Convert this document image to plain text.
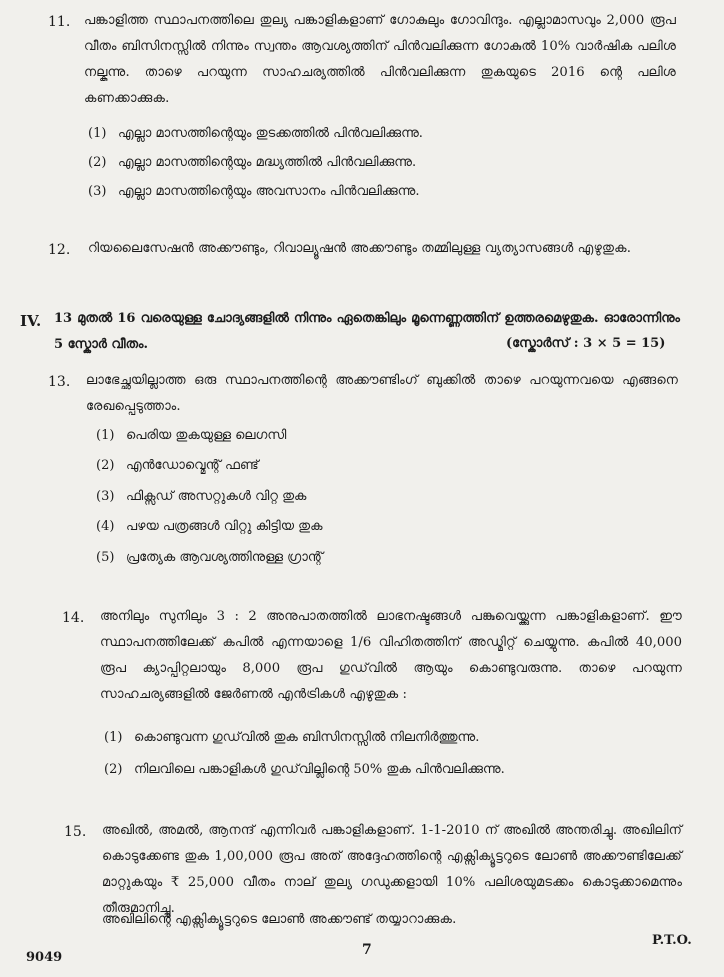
11. പങ്കാളിത്ത സ്ഥാപനത്തിലെ തുല്യ പങ്കാളികളാണ് ഗോകുലും ഗോവിന്ദും. എല്ലാമാസവും 2,000 രൂപ വീതം ബിസിനസ്സിൽ നിന്നും സ്വന്തം ആവശ്യത്തിന് പിൻവലിക്കുന്ന ഗോകുൽ 10% വാർഷിക പലിശ നല്കുന്നു. താഴെ പറയുന്ന സാഹചര്യത്തിൽ പിൻവലിക്കുന്ന തുകയുടെ 2016 ന്റെ പലിശ കണക്കാക്കുക.
(1) എല്ലാ മാസത്തിന്റെയും തുടക്കത്തിൽ പിൻവലിക്കുന്നു.
(2) എല്ലാ മാസത്തിന്റെയും മദ്ധ്യത്തിൽ പിൻവലിക്കുന്നു.
(3) എല്ലാ മാസത്തിന്റെയും അവസാനം പിൻവലിക്കുന്നു.
12. റിയലൈസേഷൻ അക്കൗണ്ടും, റിവാല്യൂഷൻ അക്കൗണ്ടും തമ്മിലുള്ള വ്യത്യാസങ്ങൾ എഴുതുക.
IV. 13 മുതൽ 16 വരെയുള്ള ചോദ്യങ്ങളിൽ നിന്നും ഏതെങ്കിലും മൂന്നെണ്ണത്തിന് ഉത്തരമെഴുതുക. ഓരോന്നിനും 5 സ്കോർ വീതം.	(സ്കോർസ് : 3 × 5 = 15)
13. ലാഭേച്ഛയില്ലാത്ത ഒരു സ്ഥാപനത്തിന്റെ അക്കൗണ്ടിംഗ് ബുക്കിൽ താഴെ പറയുന്നവയെ എങ്ങനെ രേഖപ്പെടുത്താം.
(1) പെരിയ തുകയുള്ള ലെഗസി
(2) എൻഡോവ്മെന്റ് ഫണ്ട്
(3) ഫിക്സഡ് അസറ്റുകൾ വിറ്റ തുക
(4) പഴയ പത്രങ്ങൾ വിറ്റു കിട്ടിയ തുക
(5) പ്രത്യേക ആവശ്യത്തിനുള്ള ഗ്രാന്റ്
14. അനിലും സുനിലും 3 : 2 അനുപാതത്തിൽ ലാഭനഷ്ടങ്ങൾ പങ്കുവെയ്ക്കുന്ന പങ്കാളികളാണ്. ഈ സ്ഥാപനത്തിലേക്ക് കപിൽ എന്നയാളെ 1/6 വിഹിതത്തിന് അഡ്മിറ്റ് ചെയ്യുന്നു. കപിൽ 40,000 രൂപ ക്യാപ്പിറ്റലായും 8,000 രൂപ ഗുഡ്‌വിൽ ആയും കൊണ്ടുവരുന്നു. താഴെ പറയുന്ന സാഹചര്യങ്ങളിൽ ജേർണൽ എൻട്രികൾ എഴുതുക :
(1) കൊണ്ടുവന്ന ഗുഡ്‌വിൽ തുക ബിസിനസ്സിൽ നിലനിർത്തുന്നു.
(2) നിലവിലെ പങ്കാളികൾ ഗുഡ്‌വില്ലിന്റെ 50% തുക പിൻവലിക്കുന്നു.
15. അഖിൽ, അമൽ, ആനന്ദ് എന്നിവർ പങ്കാളികളാണ്. 1-1-2010 ന് അഖിൽ അന്തരിച്ചു. അഖിലിന് കൊടുക്കേണ്ട തുക 1,00,000 രൂപ അത് അദ്ദേഹത്തിന്റെ എക്സിക്യൂട്ടറുടെ ലോൺ അക്കൗണ്ടിലേക്ക് മാറ്റുകയും ₹ 25,000 വീതം നാല് തുല്യ ഗഡുക്കളായി 10% പലിശയുമടക്കം കൊടുക്കാമെന്നും തീരുമാനിച്ചു.
അഖിലിന്റെ എക്സിക്യൂട്ടറുടെ ലോൺ അക്കൗണ്ട് തയ്യാറാക്കുക.
9049	7
P.T.O.
